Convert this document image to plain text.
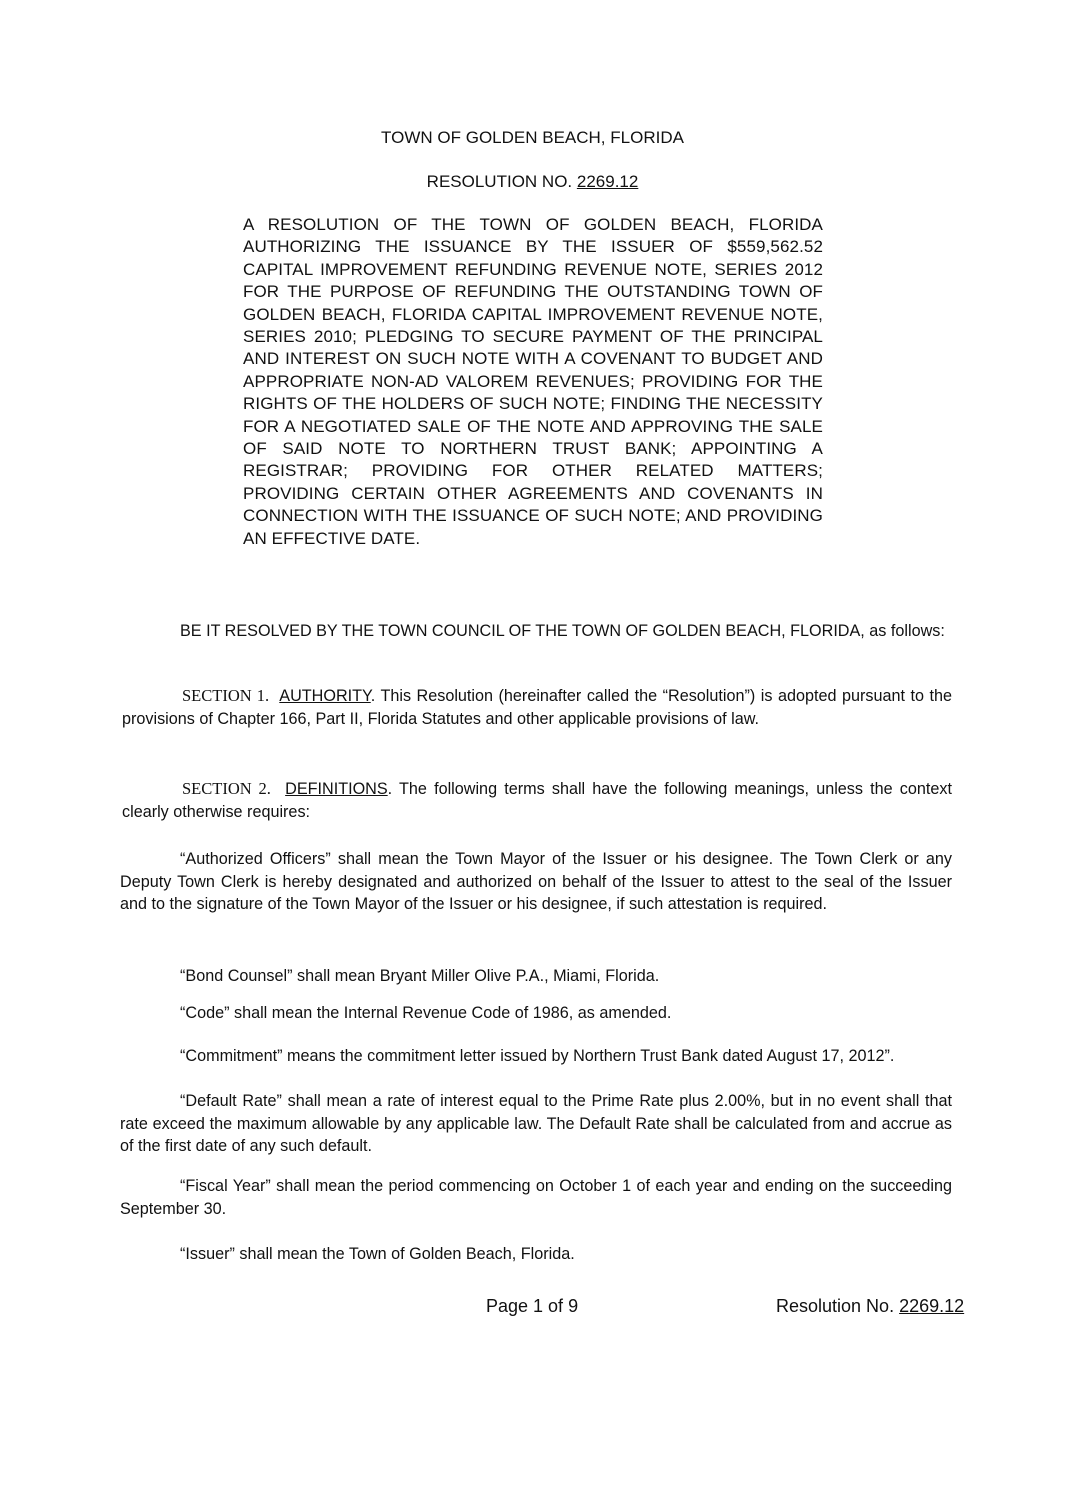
TOWN OF GOLDEN BEACH, FLORIDA
RESOLUTION NO. 2269.12
A RESOLUTION OF THE TOWN OF GOLDEN BEACH, FLORIDA AUTHORIZING THE ISSUANCE BY THE ISSUER OF $559,562.52 CAPITAL IMPROVEMENT REFUNDING REVENUE NOTE, SERIES 2012 FOR THE PURPOSE OF REFUNDING THE OUTSTANDING TOWN OF GOLDEN BEACH, FLORIDA CAPITAL IMPROVEMENT REVENUE NOTE, SERIES 2010; PLEDGING TO SECURE PAYMENT OF THE PRINCIPAL AND INTEREST ON SUCH NOTE WITH A COVENANT TO BUDGET AND APPROPRIATE NON-AD VALOREM REVENUES; PROVIDING FOR THE RIGHTS OF THE HOLDERS OF SUCH NOTE; FINDING THE NECESSITY FOR A NEGOTIATED SALE OF THE NOTE AND APPROVING THE SALE OF SAID NOTE TO NORTHERN TRUST BANK; APPOINTING A REGISTRAR; PROVIDING FOR OTHER RELATED MATTERS; PROVIDING CERTAIN OTHER AGREEMENTS AND COVENANTS IN CONNECTION WITH THE ISSUANCE OF SUCH NOTE; AND PROVIDING AN EFFECTIVE DATE.
BE IT RESOLVED BY THE TOWN COUNCIL OF THE TOWN OF GOLDEN BEACH, FLORIDA, as follows:
SECTION 1. AUTHORITY. This Resolution (hereinafter called the “Resolution”) is adopted pursuant to the provisions of Chapter 166, Part II, Florida Statutes and other applicable provisions of law.
SECTION 2. DEFINITIONS. The following terms shall have the following meanings, unless the context clearly otherwise requires:
“Authorized Officers” shall mean the Town Mayor of the Issuer or his designee. The Town Clerk or any Deputy Town Clerk is hereby designated and authorized on behalf of the Issuer to attest to the seal of the Issuer and to the signature of the Town Mayor of the Issuer or his designee, if such attestation is required.
“Bond Counsel” shall mean Bryant Miller Olive P.A., Miami, Florida.
“Code” shall mean the Internal Revenue Code of 1986, as amended.
“Commitment” means the commitment letter issued by Northern Trust Bank dated August 17, 2012”.
“Default Rate” shall mean a rate of interest equal to the Prime Rate plus 2.00%, but in no event shall that rate exceed the maximum allowable by any applicable law. The Default Rate shall be calculated from and accrue as of the first date of any such default.
“Fiscal Year” shall mean the period commencing on October 1 of each year and ending on the succeeding September 30.
“Issuer” shall mean the Town of Golden Beach, Florida.
Page 1 of 9	Resolution No. 2269.12
